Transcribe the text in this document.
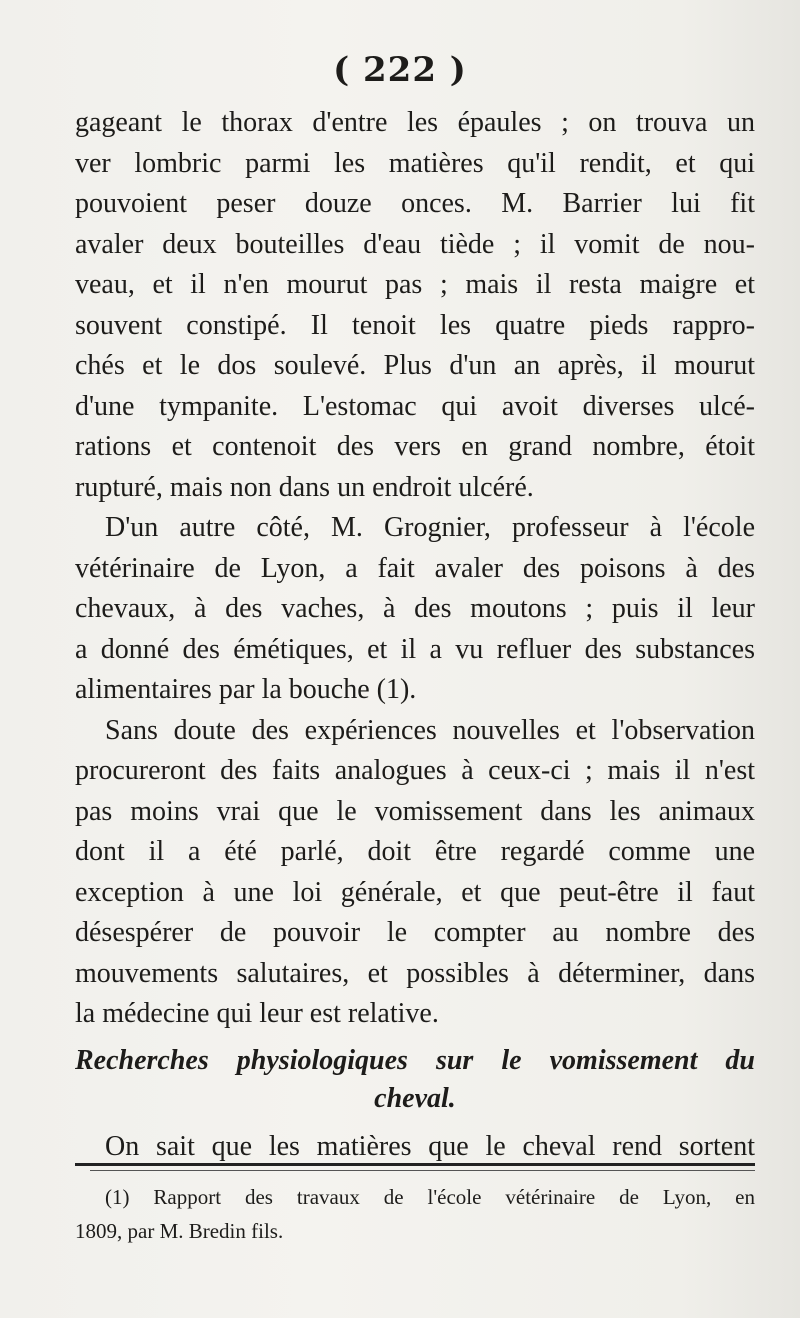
( 222 )
gageant le thorax d'entre les épaules ; on trouva un
ver lombric parmi les matières qu'il rendit, et qui
pouvoient peser douze onces. M. Barrier lui fit
avaler deux bouteilles d'eau tiède ; il vomit de nou-
veau, et il n'en mourut pas ; mais il resta maigre et
souvent constipé. Il tenoit les quatre pieds rappro-
chés et le dos soulevé. Plus d'un an après, il mourut
d'une tympanite. L'estomac qui avoit diverses ulcé-
rations et contenoit des vers en grand nombre, étoit
rupturé, mais non dans un endroit ulcéré.
D'un autre côté, M. Grognier, professeur à l'école
vétérinaire de Lyon, a fait avaler des poisons à des
chevaux, à des vaches, à des moutons ; puis il leur
a donné des émétiques, et il a vu refluer des substances
alimentaires par la bouche (1).
Sans doute des expériences nouvelles et l'observation
procureront des faits analogues à ceux-ci ; mais il n'est
pas moins vrai que le vomissement dans les animaux
dont il a été parlé, doit être regardé comme une
exception à une loi générale, et que peut-être il faut
désespérer de pouvoir le compter au nombre des
mouvements salutaires, et possibles à déterminer, dans
la médecine qui leur est relative.
Recherches physiologiques sur le vomissement du
cheval.
On sait que les matières que le cheval rend sortent
(1) Rapport des travaux de l'école vétérinaire de Lyon, en
1809, par M. Bredin fils.
